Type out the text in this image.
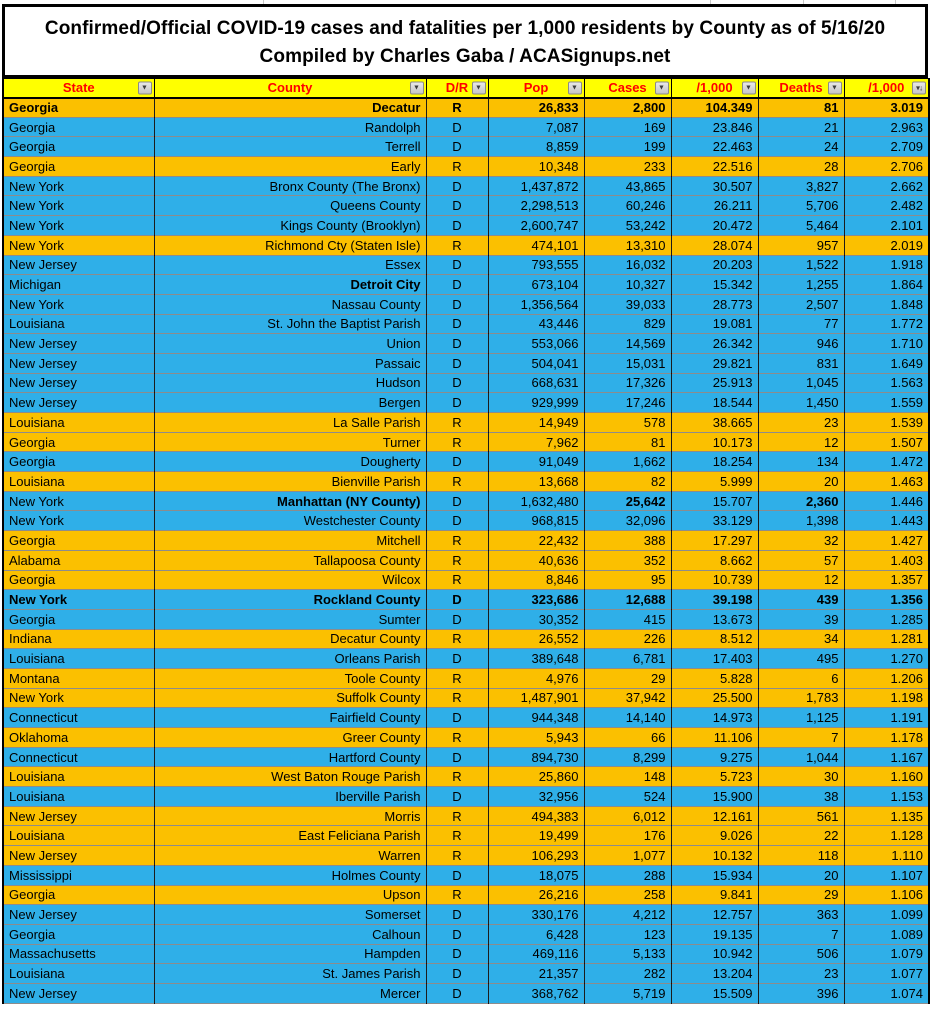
Confirmed/Official COVID-19 cases and fatalities per 1,000 residents by County as of 5/16/20
Compiled by Charles Gaba / ACASignups.net
State ▼	County ▼	D/R ▼	Pop ▼	Cases ▼	/1,000 ▼	Deaths ▼	/1,000 ▾↓

Georgia	Decatur	R	26,833	2,800	104.349	81	3.019
Georgia	Randolph	D	7,087	169	23.846	21	2.963
Georgia	Terrell	D	8,859	199	22.463	24	2.709
Georgia	Early	R	10,348	233	22.516	28	2.706
New York	Bronx County (The Bronx)	D	1,437,872	43,865	30.507	3,827	2.662
New York	Queens County	D	2,298,513	60,246	26.211	5,706	2.482
New York	Kings County (Brooklyn)	D	2,600,747	53,242	20.472	5,464	2.101
New York	Richmond Cty (Staten Isle)	R	474,101	13,310	28.074	957	2.019
New Jersey	Essex	D	793,555	16,032	20.203	1,522	1.918
Michigan	Detroit City	D	673,104	10,327	15.342	1,255	1.864
New York	Nassau County	D	1,356,564	39,033	28.773	2,507	1.848
Louisiana	St. John the Baptist Parish	D	43,446	829	19.081	77	1.772
New Jersey	Union	D	553,066	14,569	26.342	946	1.710
New Jersey	Passaic	D	504,041	15,031	29.821	831	1.649
New Jersey	Hudson	D	668,631	17,326	25.913	1,045	1.563
New Jersey	Bergen	D	929,999	17,246	18.544	1,450	1.559
Louisiana	La Salle Parish	R	14,949	578	38.665	23	1.539
Georgia	Turner	R	7,962	81	10.173	12	1.507
Georgia	Dougherty	D	91,049	1,662	18.254	134	1.472
Louisiana	Bienville Parish	R	13,668	82	5.999	20	1.463
New York	Manhattan (NY County)	D	1,632,480	25,642	15.707	2,360	1.446
New York	Westchester County	D	968,815	32,096	33.129	1,398	1.443
Georgia	Mitchell	R	22,432	388	17.297	32	1.427
Alabama	Tallapoosa County	R	40,636	352	8.662	57	1.403
Georgia	Wilcox	R	8,846	95	10.739	12	1.357
New York	Rockland County	D	323,686	12,688	39.198	439	1.356
Georgia	Sumter	D	30,352	415	13.673	39	1.285
Indiana	Decatur County	R	26,552	226	8.512	34	1.281
Louisiana	Orleans Parish	D	389,648	6,781	17.403	495	1.270
Montana	Toole County	R	4,976	29	5.828	6	1.206
New York	Suffolk County	R	1,487,901	37,942	25.500	1,783	1.198
Connecticut	Fairfield County	D	944,348	14,140	14.973	1,125	1.191
Oklahoma	Greer County	R	5,943	66	11.106	7	1.178
Connecticut	Hartford County	D	894,730	8,299	9.275	1,044	1.167
Louisiana	West Baton Rouge Parish	R	25,860	148	5.723	30	1.160
Louisiana	Iberville Parish	D	32,956	524	15.900	38	1.153
New Jersey	Morris	R	494,383	6,012	12.161	561	1.135
Louisiana	East Feliciana Parish	R	19,499	176	9.026	22	1.128
New Jersey	Warren	R	106,293	1,077	10.132	118	1.110
Mississippi	Holmes County	D	18,075	288	15.934	20	1.107
Georgia	Upson	R	26,216	258	9.841	29	1.106
New Jersey	Somerset	D	330,176	4,212	12.757	363	1.099
Georgia	Calhoun	D	6,428	123	19.135	7	1.089
Massachusetts	Hampden	D	469,116	5,133	10.942	506	1.079
Louisiana	St. James Parish	D	21,357	282	13.204	23	1.077
New Jersey	Mercer	D	368,762	5,719	15.509	396	1.074
